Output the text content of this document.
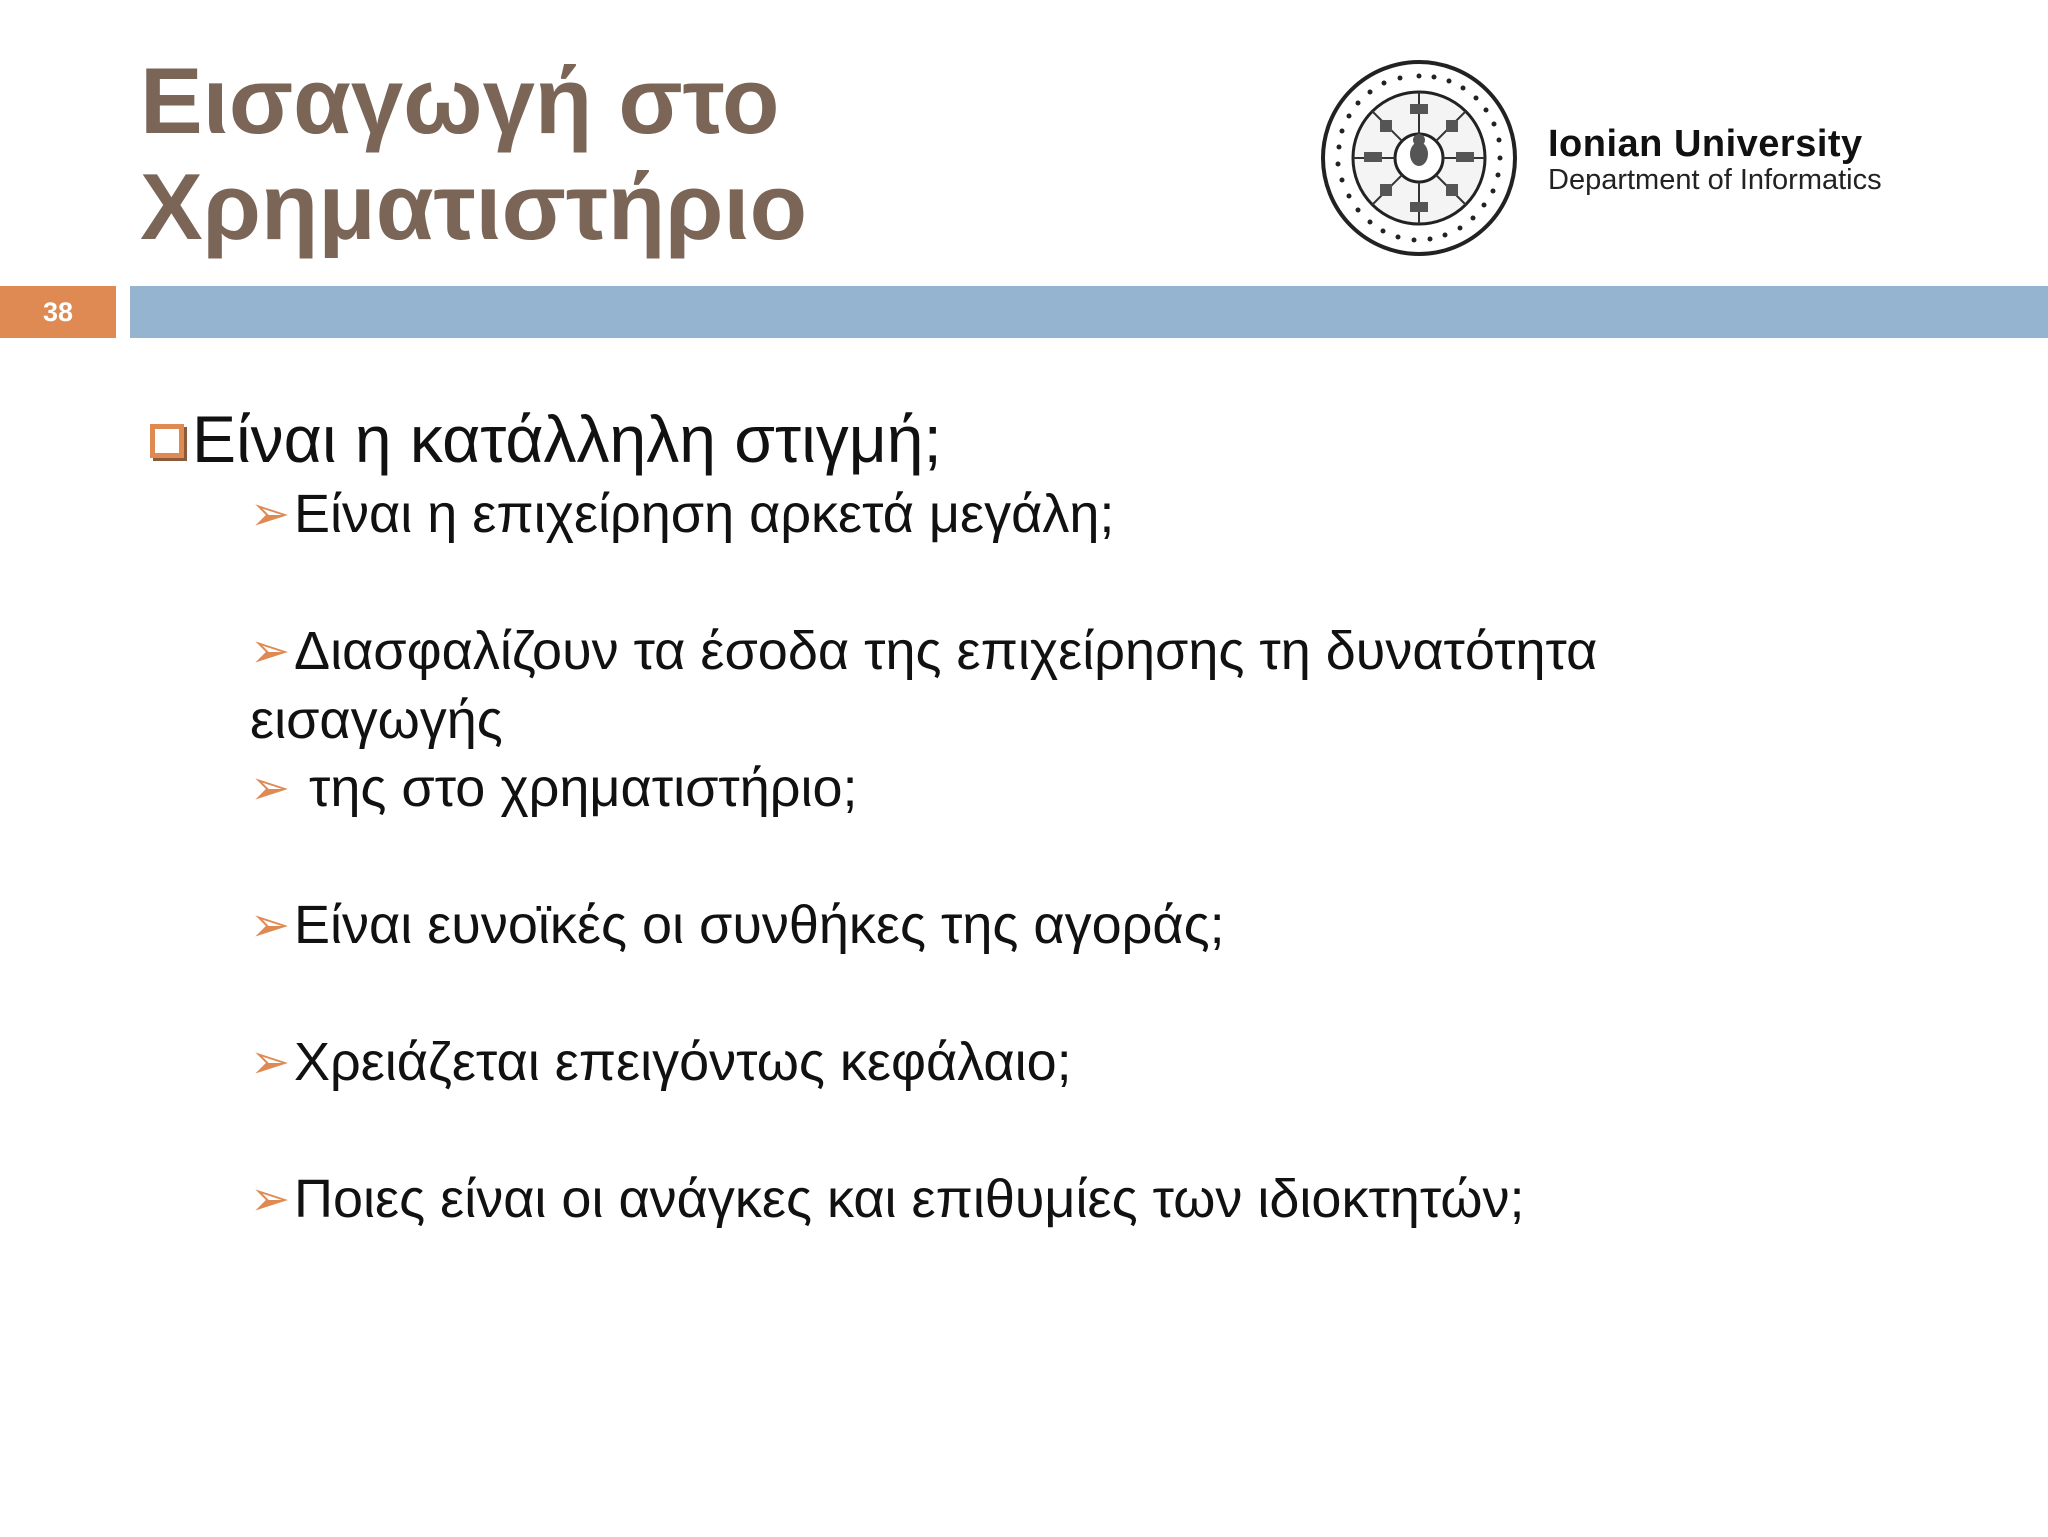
Εισαγωγή στο
Χρηματιστήριο
Ionian University
Department of Informatics
38
Είναι η κατάλληλη στιγμή;
➢Είναι η επιχείρηση αρκετά μεγάλη;
➢Διασφαλίζουν τα έσοδα της επιχείρησης τη δυνατότητα
εισαγωγής
➢ της στο χρηματιστήριο;
➢Είναι ευνοϊκές οι συνθήκες της αγοράς;
➢Χρειάζεται επειγόντως κεφάλαιο;
➢Ποιες είναι οι ανάγκες και επιθυμίες των ιδιοκτητών;
